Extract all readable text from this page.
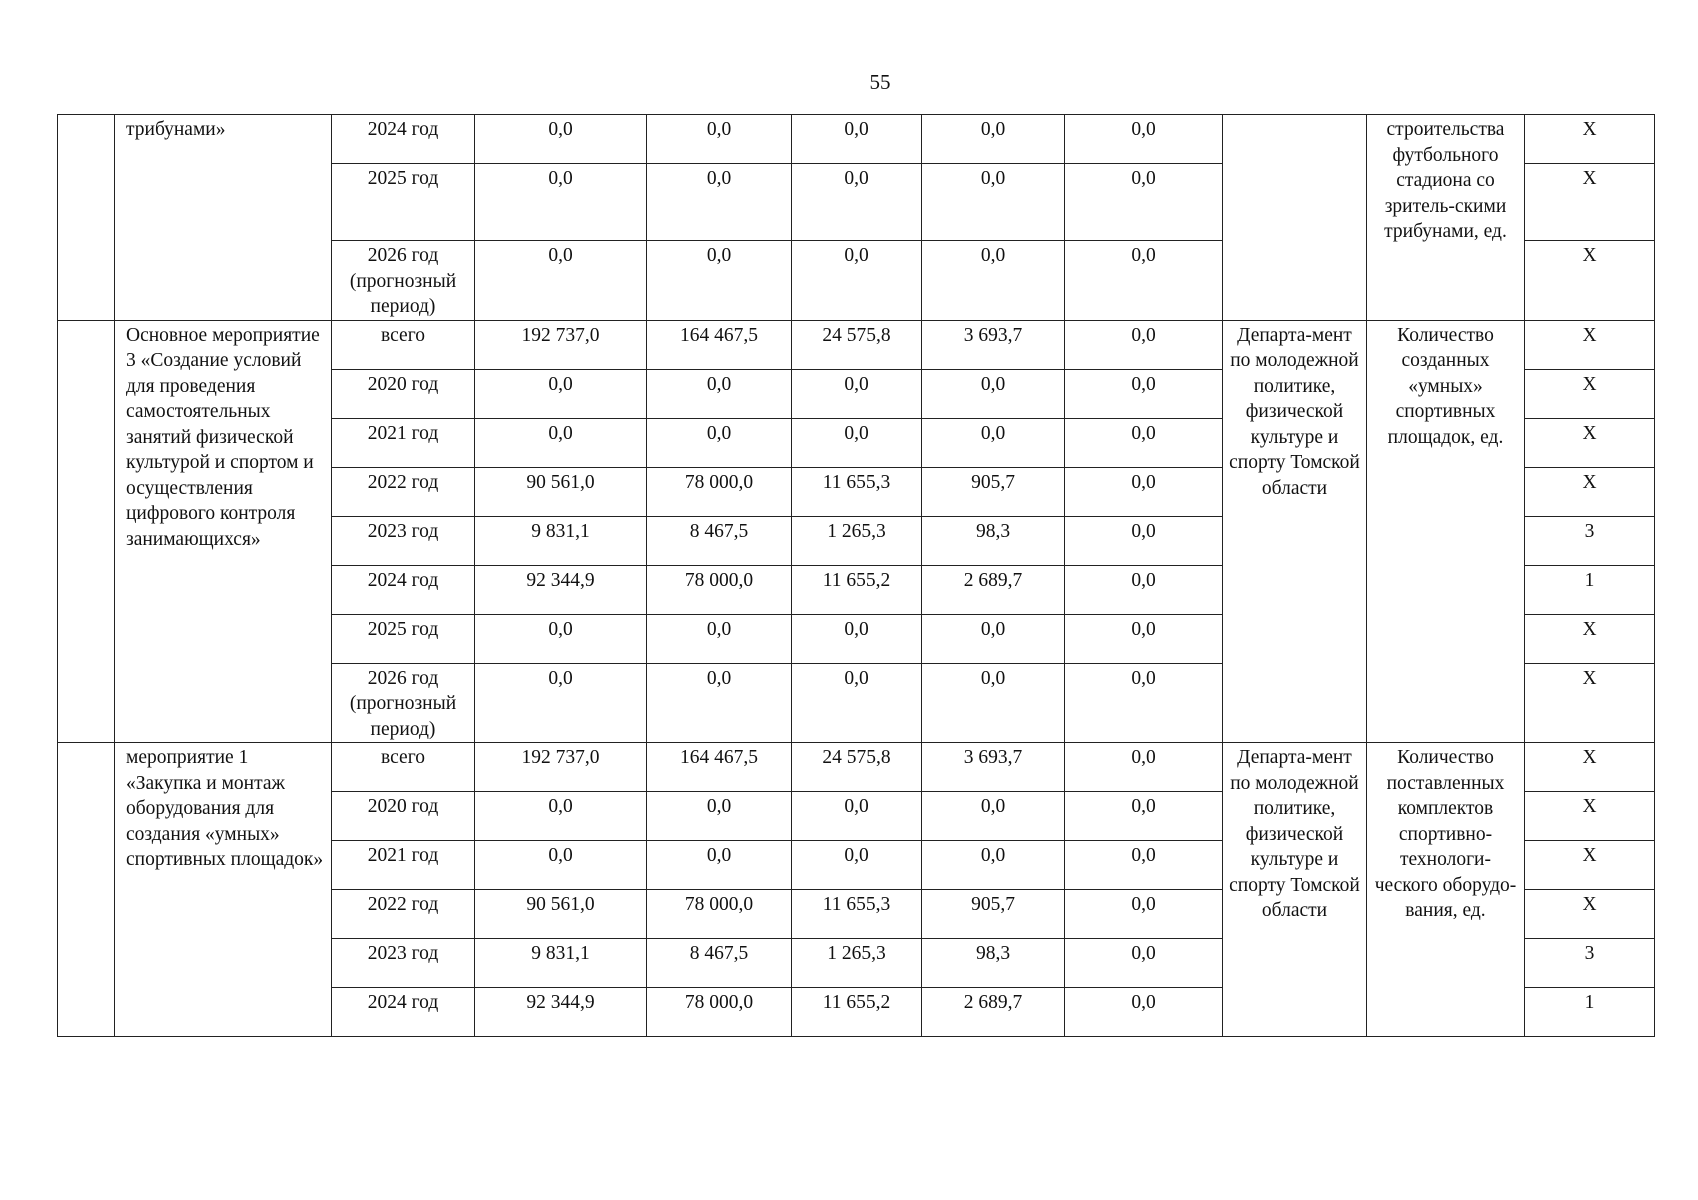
55
	трибунами»	2024 год	0,0	0,0	0,0	0,0	0,0		строительства футбольного стадиона со зритель-скими трибунами, ед.	X
		2025 год	0,0	0,0	0,0	0,0	0,0			X
		2026 год (прогнозный период)	0,0	0,0	0,0	0,0	0,0			X
	Основное мероприятие 3 «Создание условий для проведения самостоятельных занятий физической культурой и спортом и осуществления цифрового контроля занимающихся»	всего	192 737,0	164 467,5	24 575,8	3 693,7	0,0	Департа-мент по молодежной политике, физической культуре и спорту Томской области	Количество созданных «умных» спортивных площадок, ед.	X
		2020 год	0,0	0,0	0,0	0,0	0,0			X
		2021 год	0,0	0,0	0,0	0,0	0,0			X
		2022 год	90 561,0	78 000,0	11 655,3	905,7	0,0			X
		2023 год	9 831,1	8 467,5	1 265,3	98,3	0,0			3
		2024 год	92 344,9	78 000,0	11 655,2	2 689,7	0,0			1
		2025 год	0,0	0,0	0,0	0,0	0,0			X
		2026 год (прогнозный период)	0,0	0,0	0,0	0,0	0,0			X
	мероприятие 1 «Закупка и монтаж оборудования для создания «умных» спортивных площадок»	всего	192 737,0	164 467,5	24 575,8	3 693,7	0,0	Департа-мент по молодежной политике, физической культуре и спорту Томской области	Количество поставленных комплектов спортивно-технологи-ческого оборудо-вания, ед.	X
		2020 год	0,0	0,0	0,0	0,0	0,0			X
		2021 год	0,0	0,0	0,0	0,0	0,0			X
		2022 год	90 561,0	78 000,0	11 655,3	905,7	0,0			X
		2023 год	9 831,1	8 467,5	1 265,3	98,3	0,0			3
		2024 год	92 344,9	78 000,0	11 655,2	2 689,7	0,0			1
